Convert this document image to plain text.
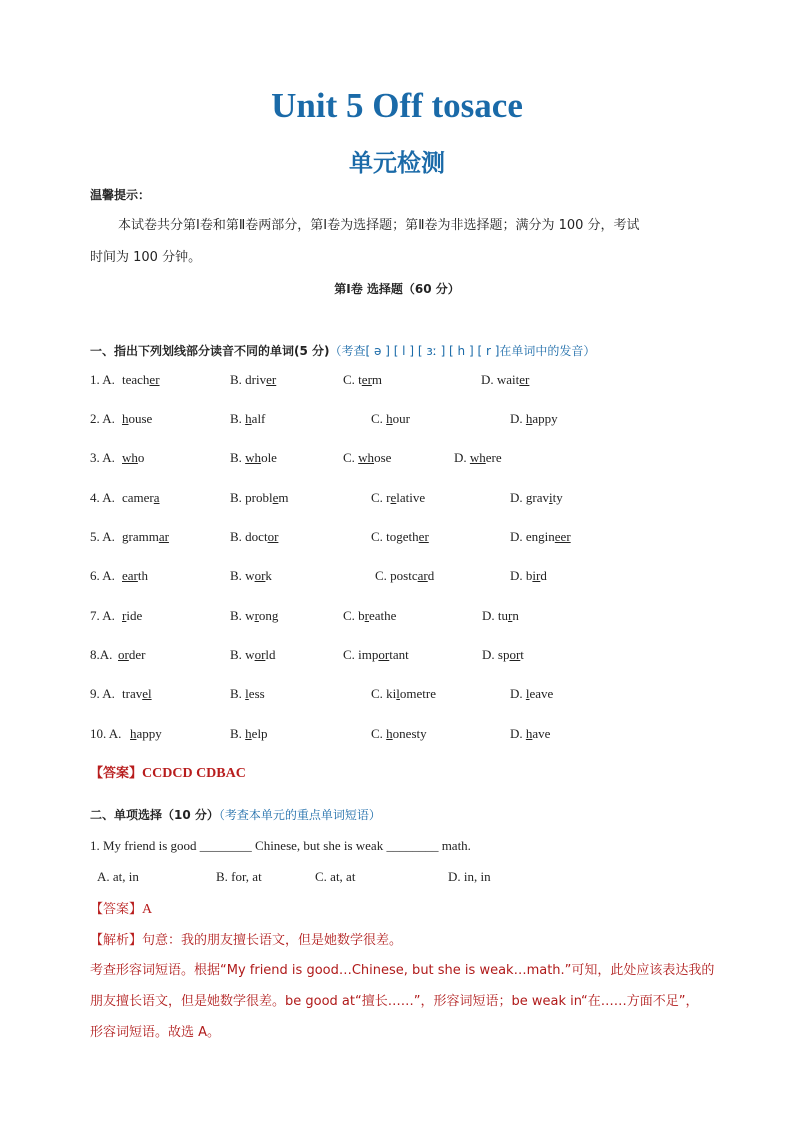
Unit 5 Off tosace
单元检测
温馨提示：
本试卷共分第Ⅰ卷和第Ⅱ卷两部分，第Ⅰ卷为选择题；第Ⅱ卷为非选择题；满分为 100 分，考试
时间为 100 分钟。
第Ⅰ卷 选择题（60 分）
一、指出下列划线部分读音不同的单词(5 分)（考查[ ə ] [ l ] [ ɜː ] [ h ] [ r ]在单词中的发音）
1. A. teacher	B. driver	C. term	D. waiter
2. A. house	B. half	C. hour	D. happy
3. A. who	B. whole	C. whose	D. where
4. A. camera	B. problem	C. relative	D. gravity
5. A. grammar	B. doctor	C. together	D. engineer
6. A. earth	B. work	C. postcard	D. bird
7. A. ride	B. wrong	C. breathe	D. turn
8.A. order	B. world	C. important	D. sport
9. A. travel	B. less	C. kilometre	D. leave
10. A. happy	B. help	C. honesty	D. have
【答案】CCDCD CDBAC
二、单项选择（10 分）（考查本单元的重点单词短语）
1. My friend is good ________ Chinese, but she is weak ________ math.
A. at, in	B. for, at	C. at, at	D. in, in
【答案】A
【解析】句意：我的朋友擅长语文，但是她数学很差。
考查形容词短语。根据“My friend is good…Chinese, but she is weak…math.”可知，此处应该表达我的
朋友擅长语文，但是她数学很差。be good at“擅长……”，形容词短语；be weak in“在……方面不足”，
形容词短语。故选 A。
